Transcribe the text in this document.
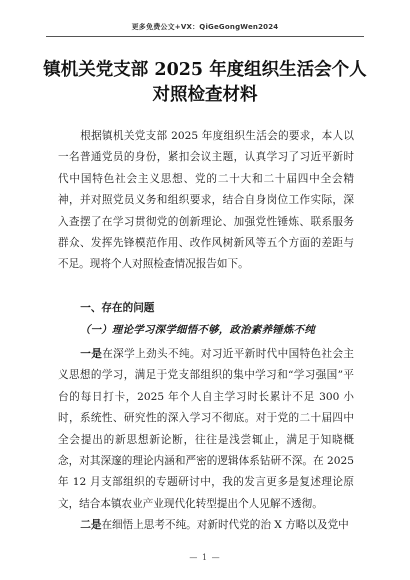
更多免费公文+VX：QiGeGongWen2024
镇机关党支部 2025 年度组织生活会个人
对照检查材料

根据镇机关党支部 2025 年度组织生活会的要求，本人以一名普通党员的身份，紧扣会议主题，认真学习了习近平新时代中国特色社会主义思想、党的二十大和二十届四中全会精神，并对照党员义务和组织要求，结合自身岗位工作实际，深入查摆了在学习贯彻党的创新理论、加强党性锤炼、联系服务群众、发挥先锋模范作用、改作风树新风等五个方面的差距与不足。现将个人对照检查情况报告如下。

一、存在的问题
（一）理论学习深学细悟不够，政治素养锤炼不纯

一是在深学上劲头不纯。对习近平新时代中国特色社会主义思想的学习，满足于党支部组织的集中学习和“学习强国”平台的每日打卡，2025 年个人自主学习时长累计不足 300 小时，系统性、研究性的深入学习不彻底。对于党的二十届四中全会提出的新思想新论断，往往是浅尝辄止，满足于知晓概念，对其深邃的理论内涵和严密的逻辑体系钻研不深。在 2025 年 12 月支部组织的专题研讨中，我的发言更多是复述理论原文，结合本镇农业产业现代化转型提出个人见解不透彻。

二是在细悟上思考不纯。对新时代党的治 X 方略以及党中

— 1 —
